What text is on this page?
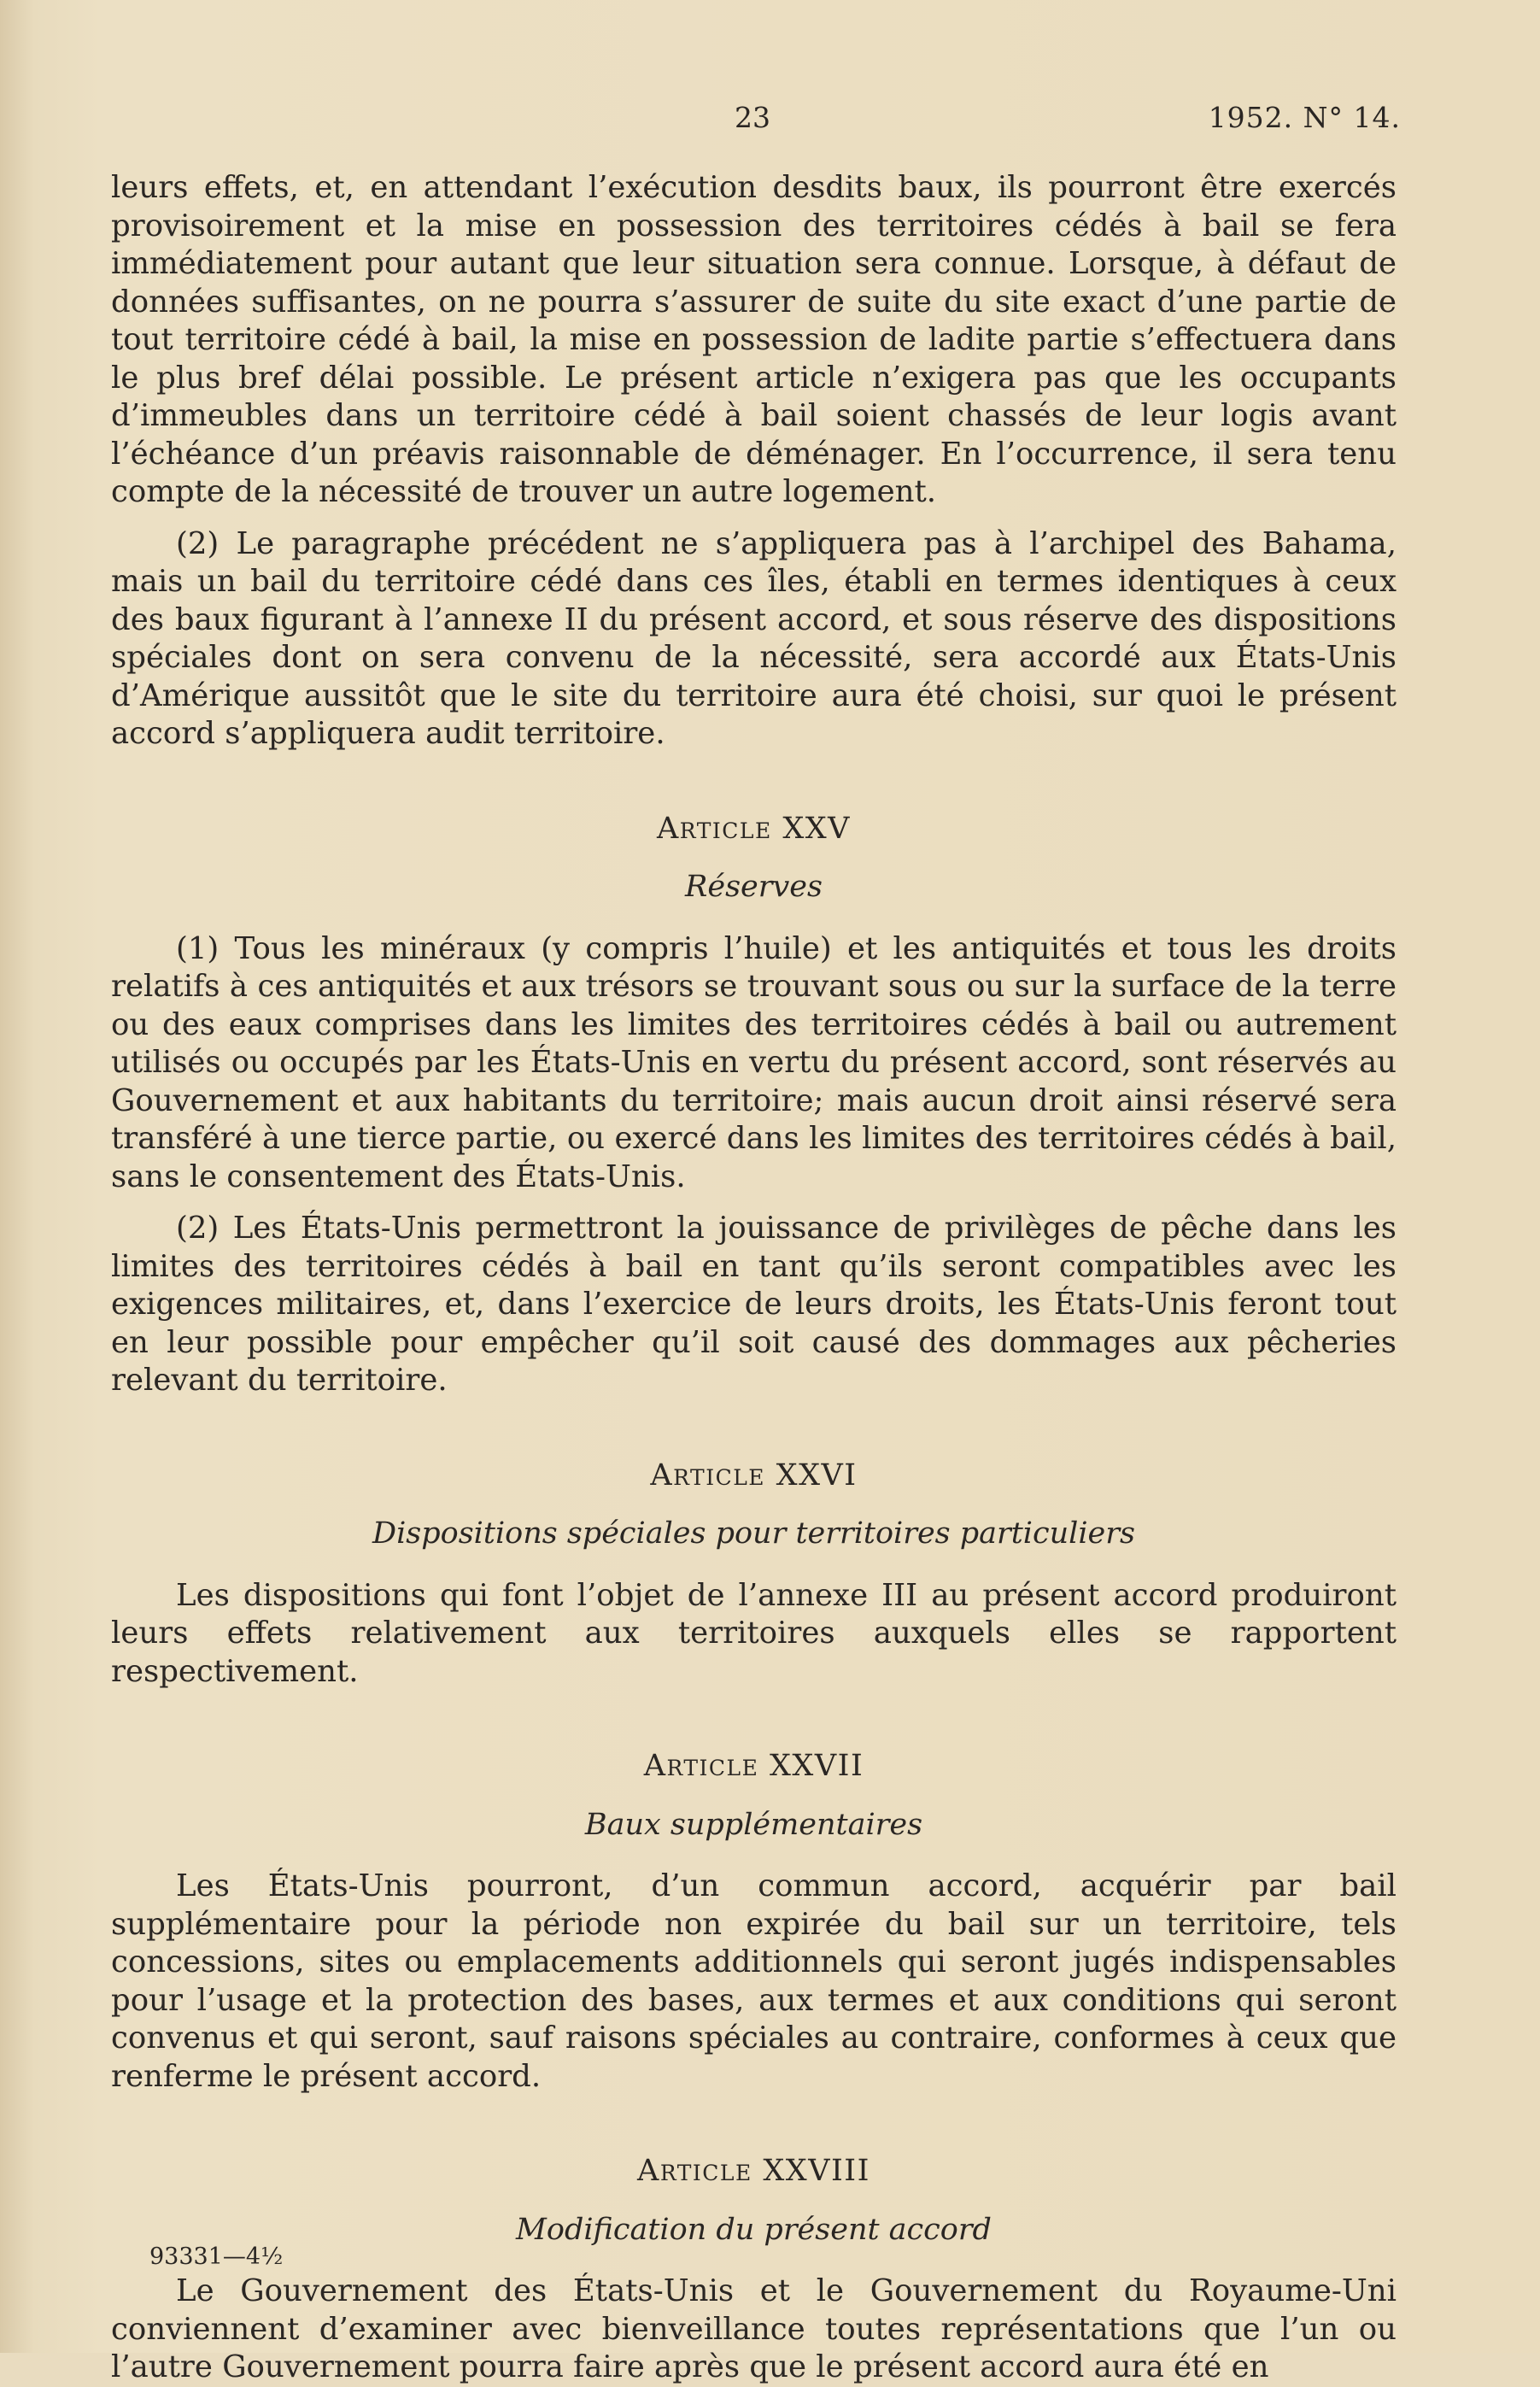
23	1952. N° 14.

leurs effets, et, en attendant l’exécution desdits baux, ils pourront être exercés provisoirement et la mise en possession des territoires cédés à bail se fera immédiatement pour autant que leur situation sera connue. Lorsque, à défaut de données suffisantes, on ne pourra s’assurer de suite du site exact d’une partie de tout territoire cédé à bail, la mise en possession de ladite partie s’effectuera dans le plus bref délai possible. Le présent article n’exigera pas que les occupants d’immeubles dans un territoire cédé à bail soient chassés de leur logis avant l’échéance d’un préavis raisonnable de déménager. En l’occurrence, il sera tenu compte de la nécessité de trouver un autre logement.

(2) Le paragraphe précédent ne s’appliquera pas à l’archipel des Bahama, mais un bail du territoire cédé dans ces îles, établi en termes identiques à ceux des baux figurant à l’annexe II du présent accord, et sous réserve des dispositions spéciales dont on sera convenu de la nécessité, sera accordé aux États-Unis d’Amérique aussitôt que le site du territoire aura été choisi, sur quoi le présent accord s’appliquera audit territoire.

Article XXV
Réserves

(1) Tous les minéraux (y compris l’huile) et les antiquités et tous les droits relatifs à ces antiquités et aux trésors se trouvant sous ou sur la surface de la terre ou des eaux comprises dans les limites des territoires cédés à bail ou autrement utilisés ou occupés par les États-Unis en vertu du présent accord, sont réservés au Gouvernement et aux habitants du territoire; mais aucun droit ainsi réservé sera transféré à une tierce partie, ou exercé dans les limites des territoires cédés à bail, sans le consentement des États-Unis.

(2) Les États-Unis permettront la jouissance de privilèges de pêche dans les limites des territoires cédés à bail en tant qu’ils seront compatibles avec les exigences militaires, et, dans l’exercice de leurs droits, les États-Unis feront tout en leur possible pour empêcher qu’il soit causé des dommages aux pêcheries relevant du territoire.

Article XXVI
Dispositions spéciales pour territoires particuliers

Les dispositions qui font l’objet de l’annexe III au présent accord produiront leurs effets relativement aux territoires auxquels elles se rapportent respectivement.

Article XXVII
Baux supplémentaires

Les États-Unis pourront, d’un commun accord, acquérir par bail supplémentaire pour la période non expirée du bail sur un territoire, tels concessions, sites ou emplacements additionnels qui seront jugés indispensables pour l’usage et la protection des bases, aux termes et aux conditions qui seront convenus et qui seront, sauf raisons spéciales au contraire, conformes à ceux que renferme le présent accord.

Article XXVIII
Modification du présent accord

Le Gouvernement des États-Unis et le Gouvernement du Royaume-Uni conviennent d’examiner avec bienveillance toutes représentations que l’un ou l’autre Gouvernement pourra faire après que le présent accord aura été en

93331—4½
